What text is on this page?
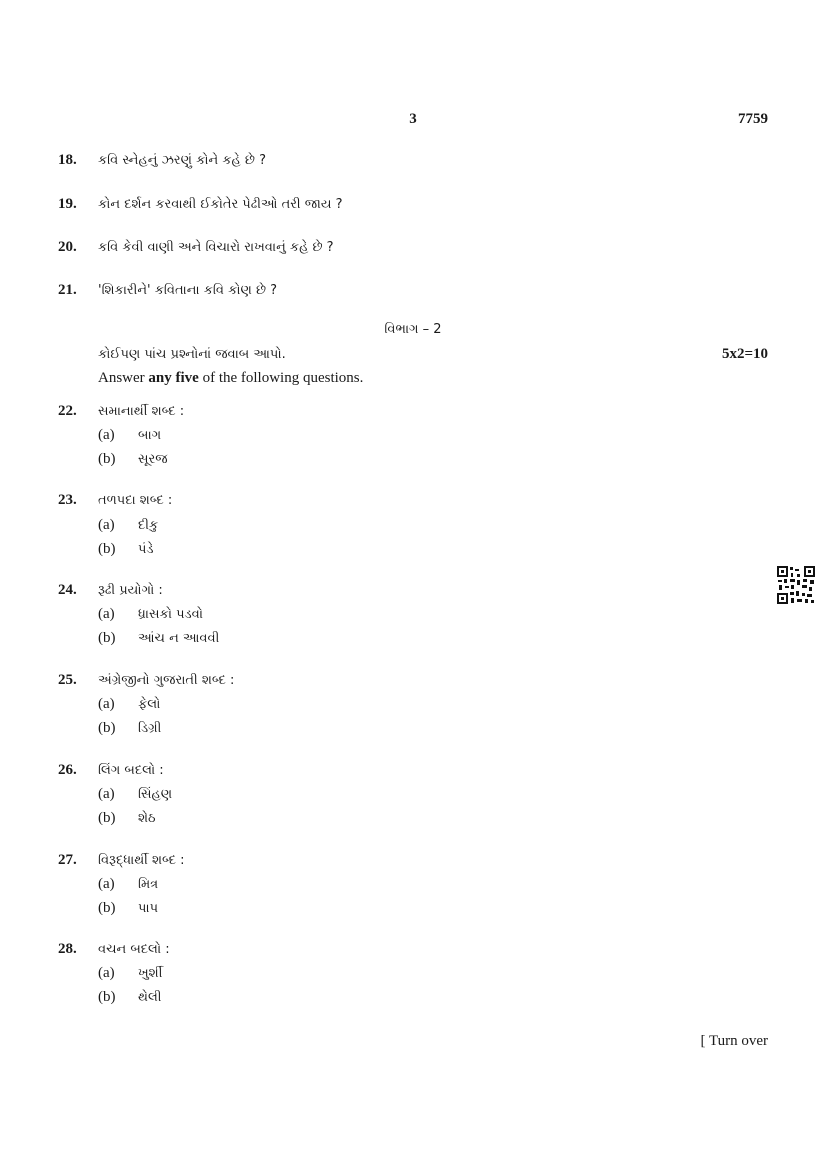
3	7759
18. કવિ સ્નેહનું ઝરણું કોને કહે છે ?
19. કોન દર્શન કરવાથી ઈકોતેર પેઢીઓ તરી જાય ?
20. કવિ કેવી વાણી અને વિચારો રાખવાનું કહે છે ?
21. 'શિકારીને' કવિતાના કવિ કોણ છે ?
વિભાગ – 2
કોઈપણ પાંચ પ્રશ્નોનાં જવાબ આપો.	5x2=10
Answer any five of the following questions.
22. સમાનાર્થી શબ્દ :
(a) બાગ
(b) સૂરજ
23. તળપદા શબ્દ :
(a) દીકુ
(b) પંડે
24. રૂઢી પ્રયોગો :
(a) ધ્રાસકો પડવો
(b) આંચ ન આવવી
25. અંગ્રેજીનો ગુજરાતી શબ્દ :
(a) ફેલો
(b) ડિગ્રી
26. લિંગ બદલો :
(a) સિંહણ
(b) શેઠ
27. વિરૂદ્ધાર્થી શબ્દ :
(a) મિત્ર
(b) પાપ
28. વચન બદલો :
(a) ખુર્શી
(b) થેલી
[ Turn over
